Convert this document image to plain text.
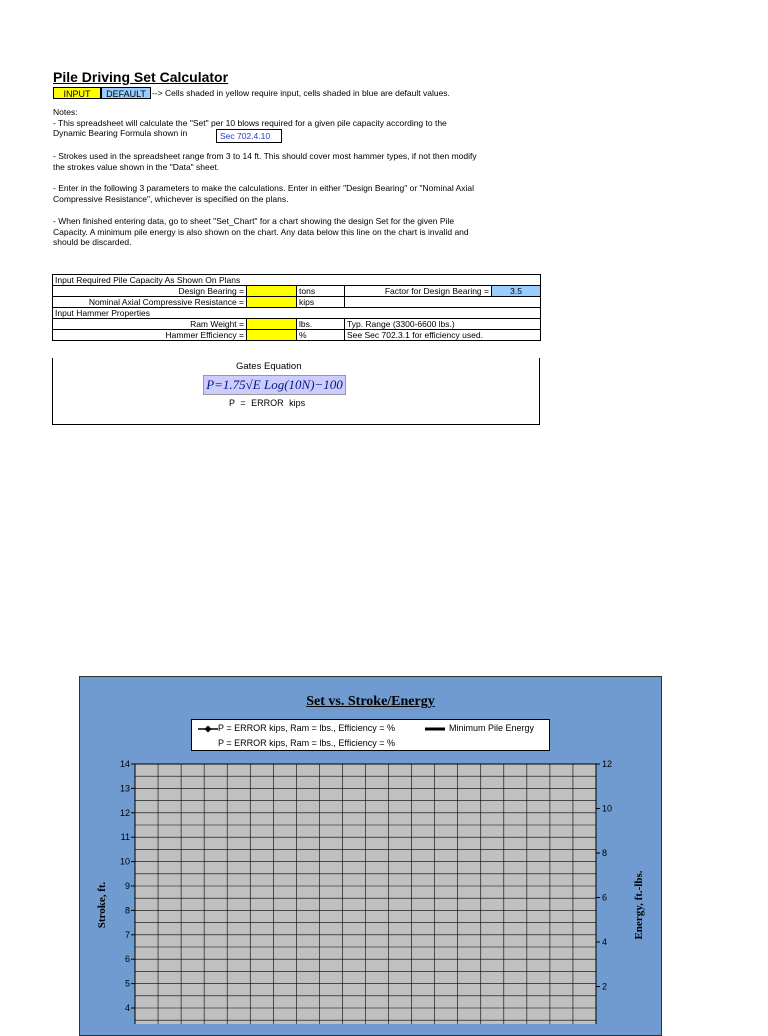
Pile Driving Set Calculator
INPUT	DEFAULT --> Cells shaded in yellow require input, cells shaded in blue are default values.

Notes:

- This spreadsheet will calculate the "Set" per 10 blows required for a given pile capacity according to the

Dynamic Bearing Formula shown in	Sec 702.4.10

- Strokes used in the spreadsheet range from 3 to 14 ft. This should cover most hammer types, if not then modify

the strokes value shown in the "Data" sheet.

- Enter in the following 3 parameters to make the calculations. Enter in either "Design Bearing" or "Nominal Axial

Compressive Resistance", whichever is specified on the plans.

- When finished entering data, go to sheet "Set_Chart" for a chart showing the design Set for the given Pile

Capacity. A minimum pile energy is also shown on the chart. Any data below this line on the chart is invalid and

should be discarded.

Input Required Pile Capacity As Shown On Plans				
Design Bearing =		tons	Factor for Design Bearing =	3.5
Nominal Axial Compressive Resistance =		kips		
Input Hammer Properties				
Ram Weight =		lbs.	Typ. Range (3300-6600 lbs.)	
Hammer Efficiency =		%	See Sec 702.3.1 for efficiency used.	
Gates Equation
P=1.75√E Log(10N)−100
P = ERROR kips
Set vs. Stroke/Energy
P = ERROR kips, Ram = lbs., Efficiency = %	Minimum Pile Energy
P = ERROR kips, Ram = lbs., Efficiency = %
4
5
6
7
8
9
10
11
12
13
14
2
4
6
8
10
12
Stroke, ft.	Energy, ft.-lbs.
